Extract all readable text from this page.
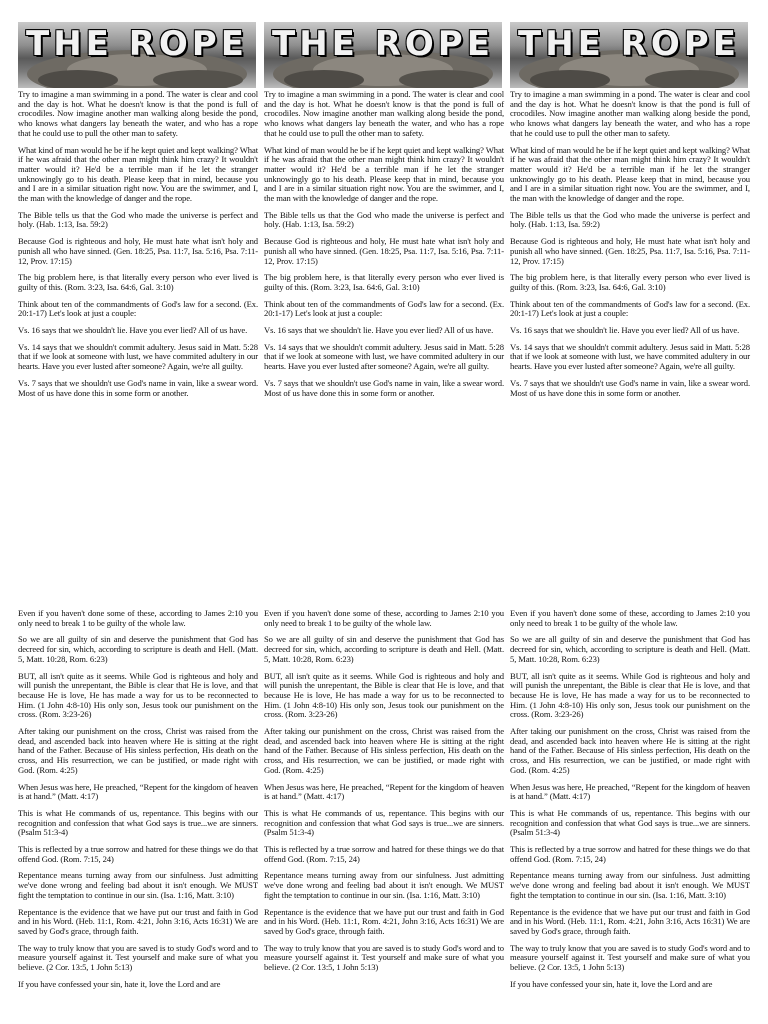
THE ROPE

Try to imagine a man swimming in a pond. The water is clear and cool and the day is hot. What he doesn't know is that the pond is full of crocodiles. Now imagine another man walking along beside the pond, who knows what dangers lay beneath the water, and who has a rope that he could use to pull the other man to safety.

What kind of man would he be if he kept quiet and kept walking? What if he was afraid that the other man might think him crazy? It wouldn't matter would it? He'd be a terrible man if he let the stranger unknowingly go to his death. Please keep that in mind, because you and I are in a similar situation right now. You are the swimmer, and I, the man with the knowledge of danger and the rope.

The Bible tells us that the God who made the universe is perfect and holy. (Hab. 1:13, Isa. 59:2)

Because God is righteous and holy, He must hate what isn't holy and punish all who have sinned. (Gen. 18:25, Psa. 11:7, Isa. 5:16, Psa. 7:11-12, Prov. 17:15)

The big problem here, is that literally every person who ever lived is guilty of this. (Rom. 3:23, Isa. 64:6, Gal. 3:10)

Think about ten of the commandments of God's law for a second. (Ex. 20:1-17) Let's look at just a couple:

Vs. 16 says that we shouldn't lie. Have you ever lied? All of us have.

Vs. 14 says that we shouldn't commit adultery. Jesus said in Matt. 5:28 that if we look at someone with lust, we have commited adultery in our hearts. Have you ever lusted after someone? Again, we're all guilty.

Vs. 7 says that we shouldn't use God's name in vain, like a swear word. Most of us have done this in some form or another.

THE ROPE

Try to imagine a man swimming in a pond. The water is clear and cool and the day is hot. What he doesn't know is that the pond is full of crocodiles. Now imagine another man walking along beside the pond, who knows what dangers lay beneath the water, and who has a rope that he could use to pull the other man to safety.

What kind of man would he be if he kept quiet and kept walking? What if he was afraid that the other man might think him crazy? It wouldn't matter would it? He'd be a terrible man if he let the stranger unknowingly go to his death. Please keep that in mind, because you and I are in a similar situation right now. You are the swimmer, and I, the man with the knowledge of danger and the rope.

The Bible tells us that the God who made the universe is perfect and holy. (Hab. 1:13, Isa. 59:2)

Because God is righteous and holy, He must hate what isn't holy and punish all who have sinned. (Gen. 18:25, Psa. 11:7, Isa. 5:16, Psa. 7:11-12, Prov. 17:15)

The big problem here, is that literally every person who ever lived is guilty of this. (Rom. 3:23, Isa. 64:6, Gal. 3:10)

Think about ten of the commandments of God's law for a second. (Ex. 20:1-17) Let's look at just a couple:

Vs. 16 says that we shouldn't lie. Have you ever lied? All of us have.

Vs. 14 says that we shouldn't commit adultery. Jesus said in Matt. 5:28 that if we look at someone with lust, we have commited adultery in our hearts. Have you ever lusted after someone? Again, we're all guilty.

Vs. 7 says that we shouldn't use God's name in vain, like a swear word. Most of us have done this in some form or another.

THE ROPE

Try to imagine a man swimming in a pond. The water is clear and cool and the day is hot. What he doesn't know is that the pond is full of crocodiles. Now imagine another man walking along beside the pond, who knows what dangers lay beneath the water, and who has a rope that he could use to pull the other man to safety.

What kind of man would he be if he kept quiet and kept walking? What if he was afraid that the other man might think him crazy? It wouldn't matter would it? He'd be a terrible man if he let the stranger unknowingly go to his death. Please keep that in mind, because you and I are in a similar situation right now. You are the swimmer, and I, the man with the knowledge of danger and the rope.

The Bible tells us that the God who made the universe is perfect and holy. (Hab. 1:13, Isa. 59:2)

Because God is righteous and holy, He must hate what isn't holy and punish all who have sinned. (Gen. 18:25, Psa. 11:7, Isa. 5:16, Psa. 7:11-12, Prov. 17:15)

The big problem here, is that literally every person who ever lived is guilty of this. (Rom. 3:23, Isa. 64:6, Gal. 3:10)

Think about ten of the commandments of God's law for a second. (Ex. 20:1-17) Let's look at just a couple:

Vs. 16 says that we shouldn't lie. Have you ever lied? All of us have.

Vs. 14 says that we shouldn't commit adultery. Jesus said in Matt. 5:28 that if we look at someone with lust, we have commited adultery in our hearts. Have you ever lusted after someone? Again, we're all guilty.

Vs. 7 says that we shouldn't use God's name in vain, like a swear word. Most of us have done this in some form or another.

Even if you haven't done some of these, according to James 2:10 you only need to break 1 to be guilty of the whole law.

So we are all guilty of sin and deserve the punishment that God has decreed for sin, which, according to scripture is death and Hell. (Matt. 5, Matt. 10:28, Rom. 6:23)

BUT, all isn't quite as it seems. While God is righteous and holy and will punish the unrepentant, the Bible is clear that He is love, and that because He is love, He has made a way for us to be reconnected to Him. (1 John 4:8-10) His only son, Jesus took our punishment on the cross. (Rom. 3:23-26)

After taking our punishment on the cross, Christ was raised from the dead, and ascended back into heaven where He is sitting at the right hand of the Father. Because of His sinless perfection, His death on the cross, and His resurrection, we can be justified, or made right with God. (Rom. 4:25)

When Jesus was here, He preached, “Repent for the kingdom of heaven is at hand.” (Matt. 4:17)

This is what He commands of us, repentance. This begins with our recognition and confession that what God says is true...we are sinners. (Psalm 51:3-4)

This is reflected by a true sorrow and hatred for these things we do that offend God. (Rom. 7:15, 24)

Repentance means turning away from our sinfulness. Just admitting we've done wrong and feeling bad about it isn't enough. We MUST fight the temptation to continue in our sin. (Isa. 1:16, Matt. 3:10)

Repentance is the evidence that we have put our trust and faith in God and in his Word. (Heb. 11:1, Rom. 4:21, John 3:16, Acts 16:31) We are saved by God's grace, through faith.

The way to truly know that you are saved is to study God's word and to measure yourself against it. Test yourself and make sure of what you believe. (2 Cor. 13:5, 1 John 5:13)

If you have confessed your sin, hate it, love the Lord and are

Even if you haven't done some of these, according to James 2:10 you only need to break 1 to be guilty of the whole law.

So we are all guilty of sin and deserve the punishment that God has decreed for sin, which, according to scripture is death and Hell. (Matt. 5, Matt. 10:28, Rom. 6:23)

BUT, all isn't quite as it seems. While God is righteous and holy and will punish the unrepentant, the Bible is clear that He is love, and that because He is love, He has made a way for us to be reconnected to Him. (1 John 4:8-10) His only son, Jesus took our punishment on the cross. (Rom. 3:23-26)

After taking our punishment on the cross, Christ was raised from the dead, and ascended back into heaven where He is sitting at the right hand of the Father. Because of His sinless perfection, His death on the cross, and His resurrection, we can be justified, or made right with God. (Rom. 4:25)

When Jesus was here, He preached, “Repent for the kingdom of heaven is at hand.” (Matt. 4:17)

This is what He commands of us, repentance. This begins with our recognition and confession that what God says is true...we are sinners. (Psalm 51:3-4)

This is reflected by a true sorrow and hatred for these things we do that offend God. (Rom. 7:15, 24)

Repentance means turning away from our sinfulness. Just admitting we've done wrong and feeling bad about it isn't enough. We MUST fight the temptation to continue in our sin. (Isa. 1:16, Matt. 3:10)

Repentance is the evidence that we have put our trust and faith in God and in his Word. (Heb. 11:1, Rom. 4:21, John 3:16, Acts 16:31) We are saved by God's grace, through faith.

The way to truly know that you are saved is to study God's word and to measure yourself against it. Test yourself and make sure of what you believe. (2 Cor. 13:5, 1 John 5:13)

Even if you haven't done some of these, according to James 2:10 you only need to break 1 to be guilty of the whole law.

So we are all guilty of sin and deserve the punishment that God has decreed for sin, which, according to scripture is death and Hell. (Matt. 5, Matt. 10:28, Rom. 6:23)

BUT, all isn't quite as it seems. While God is righteous and holy and will punish the unrepentant, the Bible is clear that He is love, and that because He is love, He has made a way for us to be reconnected to Him. (1 John 4:8-10) His only son, Jesus took our punishment on the cross. (Rom. 3:23-26)

After taking our punishment on the cross, Christ was raised from the dead, and ascended back into heaven where He is sitting at the right hand of the Father. Because of His sinless perfection, His death on the cross, and His resurrection, we can be justified, or made right with God. (Rom. 4:25)

When Jesus was here, He preached, “Repent for the kingdom of heaven is at hand.” (Matt. 4:17)

This is what He commands of us, repentance. This begins with our recognition and confession that what God says is true...we are sinners. (Psalm 51:3-4)

This is reflected by a true sorrow and hatred for these things we do that offend God. (Rom. 7:15, 24)

Repentance means turning away from our sinfulness. Just admitting we've done wrong and feeling bad about it isn't enough. We MUST fight the temptation to continue in our sin. (Isa. 1:16, Matt. 3:10)

Repentance is the evidence that we have put our trust and faith in God and in his Word. (Heb. 11:1, Rom. 4:21, John 3:16, Acts 16:31) We are saved by God's grace, through faith.

The way to truly know that you are saved is to study God's word and to measure yourself against it. Test yourself and make sure of what you believe. (2 Cor. 13:5, 1 John 5:13)

If you have confessed your sin, hate it, love the Lord and are
